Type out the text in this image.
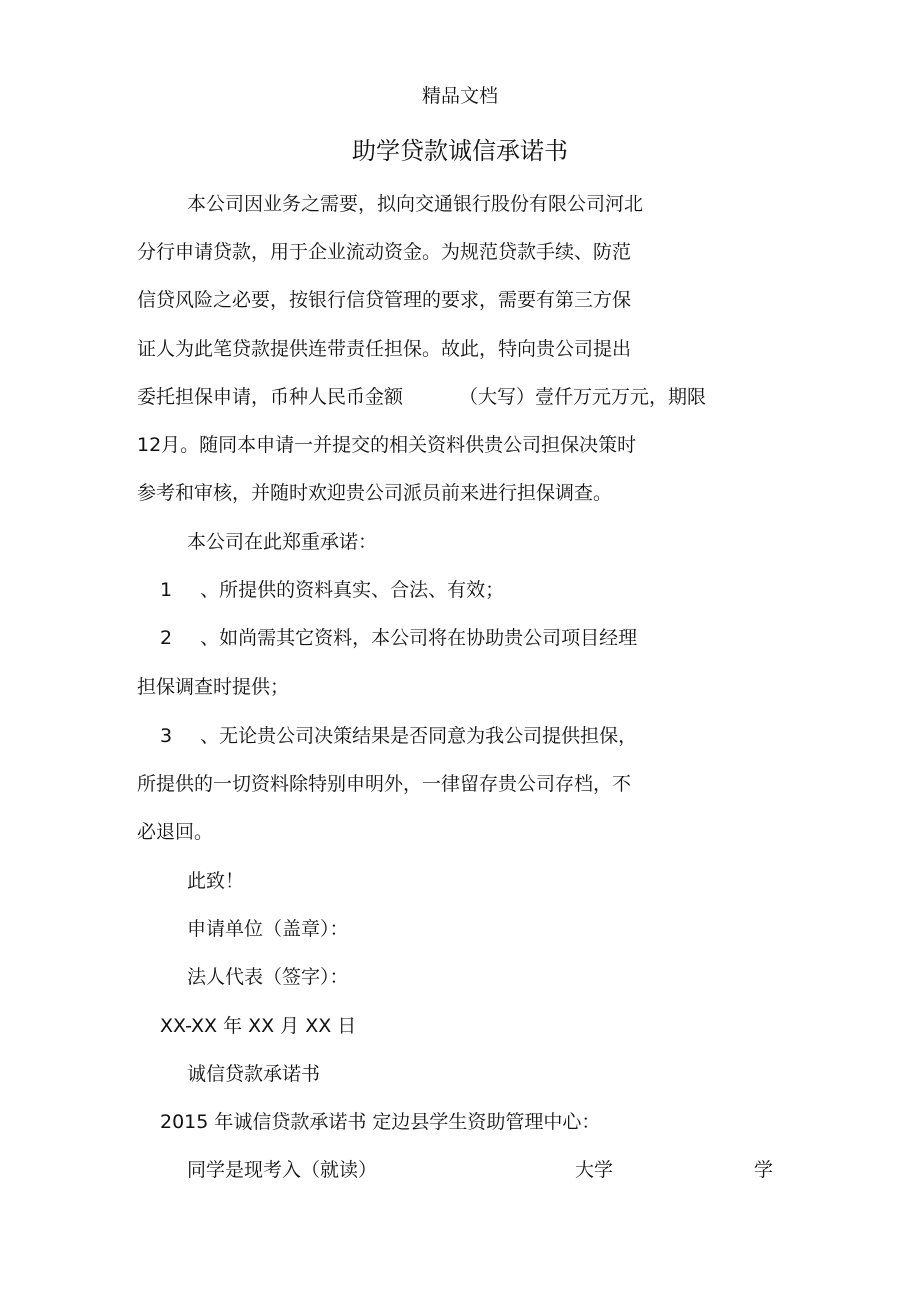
精品文档
助学贷款诚信承诺书
本公司因业务之需要，拟向交通银行股份有限公司河北
分行申请贷款，用于企业流动资金。为规范贷款手续、防范
信贷风险之必要，按银行信贷管理的要求，需要有第三方保
证人为此笔贷款提供连带责任担保。故此，特向贵公司提出
委托担保申请，币种人民币金额	（大写）壹仟万元万元，期限
12月。随同本申请一并提交的相关资料供贵公司担保决策时
参考和审核，并随时欢迎贵公司派员前来进行担保调查。
本公司在此郑重承诺：
1 、所提供的资料真实、合法、有效；
2 、如尚需其它资料，本公司将在协助贵公司项目经理
担保调查时提供；
3 、无论贵公司决策结果是否同意为我公司提供担保，
所提供的一切资料除特别申明外，一律留存贵公司存档，不
必退回。
此致！
申请单位（盖章）：
法人代表（签字）：
XX-XX 年 XX 月 XX 日
诚信贷款承诺书
2015 年诚信贷款承诺书 定边县学生资助管理中心：
同学是现考入（就读）	大学	学
